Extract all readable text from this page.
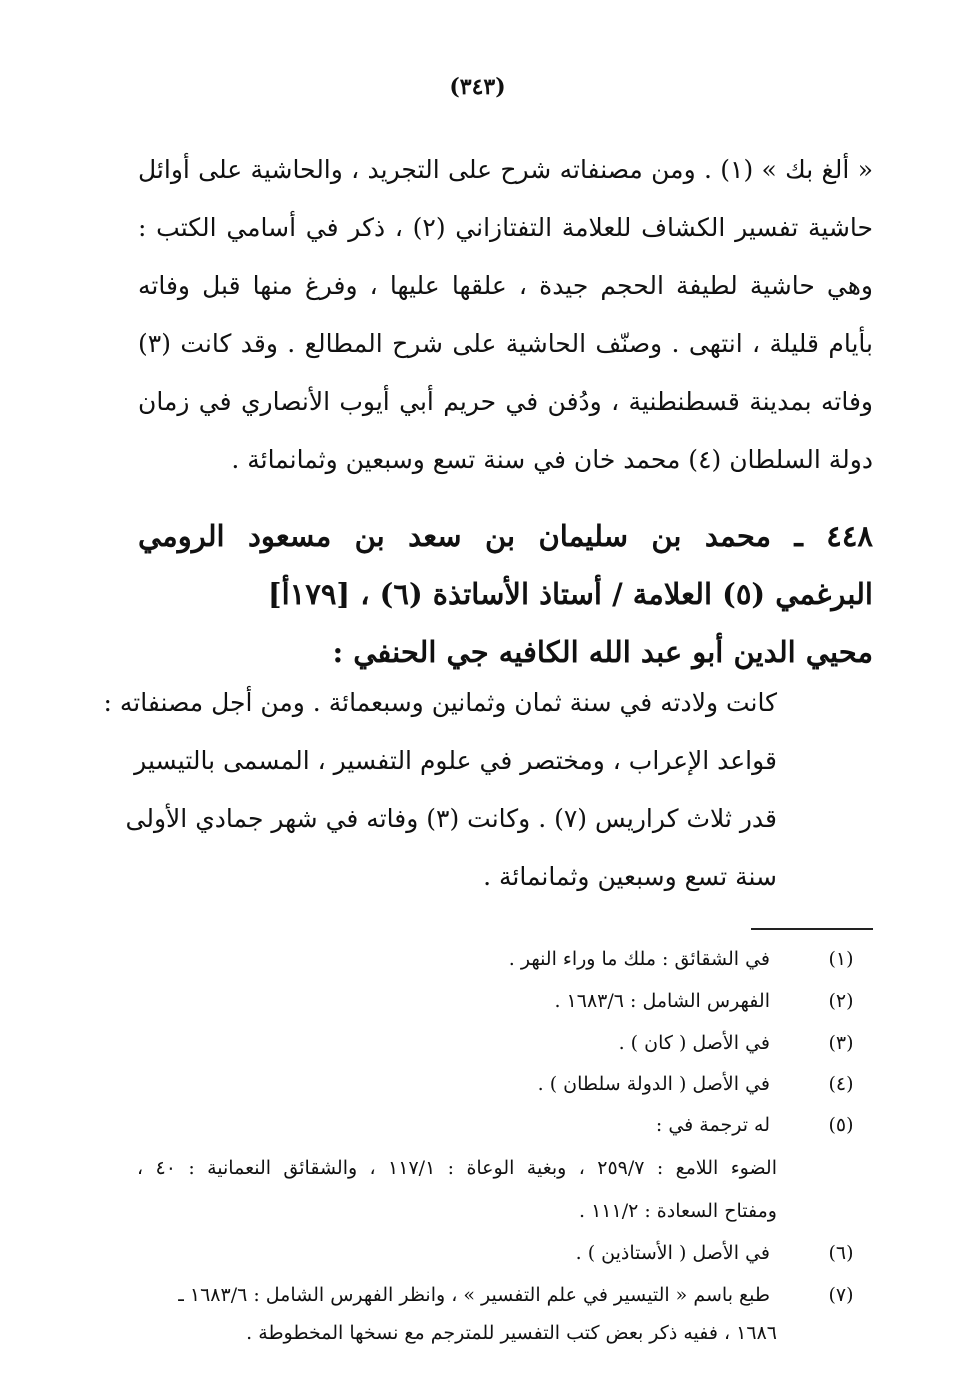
(٣٤٣)
« ألغ بك » (١) . ومن مصنفاته شرح على التجريد ، والحاشية على أوائل
حاشية تفسير الكشاف للعلامة التفتازاني (٢) ، ذكر في أسامي الكتب :
وهي حاشية لطيفة الحجم جيدة ، علقها عليها ، وفرغ منها قبل وفاته
بأيام قليلة ، انتهى . وصنّف الحاشية على شرح المطالع . وقد كانت (٣)
وفاته بمدينة قسطنطنية ، ودُفن في حريم أبي أيوب الأنصاري في زمان
دولة السلطان (٤) محمد خان في سنة تسع وسبعين وثمانمائة .
٤٤٨ ـ محمد بن سليمان بن سعد بن مسعود الرومي
البرغمي (٥) العلامة / أستاذ الأساتذة (٦) ، [١٧٩أ]
محيي الدين أبو عبد الله الكافيه جي الحنفي :
كانت ولادته في سنة ثمان وثمانين وسبعمائة . ومن أجل مصنفاته :
قواعد الإعراب ، ومختصر في علوم التفسير ، المسمى بالتيسير
قدر ثلاث كراريس (٧) . وكانت (٣) وفاته في شهر جمادي الأولى
سنة تسع وسبعين وثمانمائة .
(١)
في الشقائق : ملك ما وراء النهر .
(٢)
الفهرس الشامل : ١٦٨٣/٦ .
(٣)
في الأصل ( كان ) .
(٤)
في الأصل ( الدولة سلطان ) .
(٥)
له ترجمة في :
الضوء اللامع : ٢٥٩/٧ ، وبغية الوعاة : ١١٧/١ ، والشقائق النعمانية : ٤٠ ،
ومفتاح السعادة : ١١١/٢ .
(٦)
في الأصل ( الأستاذين ) .
(٧)
طبع باسم « التيسير في علم التفسير » ، وانظر الفهرس الشامل : ١٦٨٣/٦ ـ
١٦٨٦ ، ففيه ذكر بعض كتب التفسير للمترجم مع نسخها المخطوطة .
